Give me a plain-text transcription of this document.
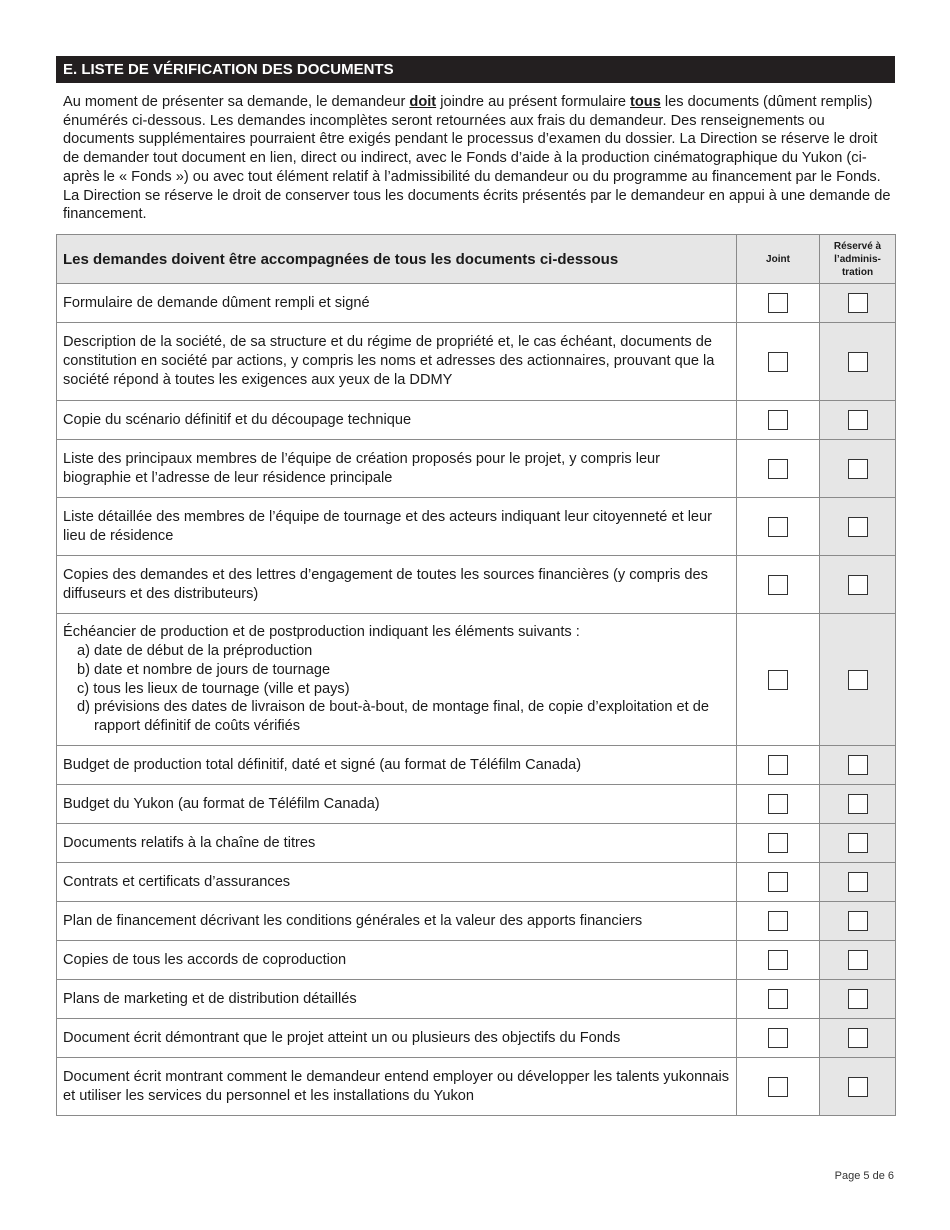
E. LISTE DE VÉRIFICATION DES DOCUMENTS
Au moment de présenter sa demande, le demandeur doit joindre au présent formulaire tous les documents (dûment remplis) énumérés ci-dessous. Les demandes incomplètes seront retournées aux frais du demandeur. Des renseignements ou documents supplémentaires pourraient être exigés pendant le processus d’examen du dossier. La Direction se réserve le droit de demander tout document en lien, direct ou indirect, avec le Fonds d’aide à la production cinématographique du Yukon (ci-après le « Fonds ») ou avec tout élément relatif à l’admissibilité du demandeur ou du programme au financement par le Fonds. La Direction se réserve le droit de conserver tous les documents écrits présentés par le demandeur en appui à une demande de financement.
Les demandes doivent être accompagnées de tous les documents ci-dessous	Joint	Réservé à l’adminis-tration
Formulaire de demande dûment rempli et signé		
Description de la société, de sa structure et du régime de propriété et, le cas échéant, documents de constitution en société par actions, y compris les noms et adresses des actionnaires, prouvant que la société répond à toutes les exigences aux yeux de la DDMY		
Copie du scénario définitif et du découpage technique		
Liste des principaux membres de l’équipe de création proposés pour le projet, y compris leur biographie et l’adresse de leur résidence principale		
Liste détaillée des membres de l’équipe de tournage et des acteurs indiquant leur citoyenneté et leur lieu de résidence		
Copies des demandes et des lettres d’engagement de toutes les sources financières (y compris des diffuseurs et des distributeurs)		
Échéancier de production et de postproduction indiquant les éléments suivants :
a) date de début de la préproduction
b) date et nombre de jours de tournage
c) tous les lieux de tournage (ville et pays)
d) prévisions des dates de livraison de bout-à-bout, de montage final, de copie d’exploitation et de rapport définitif de coûts vérifiés		

Budget de production total définitif, daté et signé (au format de Téléfilm Canada)		
Budget du Yukon (au format de Téléfilm Canada)		
Documents relatifs à la chaîne de titres		
Contrats et certificats d’assurances		
Plan de financement décrivant les conditions générales et la valeur des apports financiers		
Copies de tous les accords de coproduction		
Plans de marketing et de distribution détaillés		
Document écrit démontrant que le projet atteint un ou plusieurs des objectifs du Fonds		
Document écrit montrant comment le demandeur entend employer ou développer les talents yukonnais et utiliser les services du personnel et les installations du Yukon		
Page 5 de 6
